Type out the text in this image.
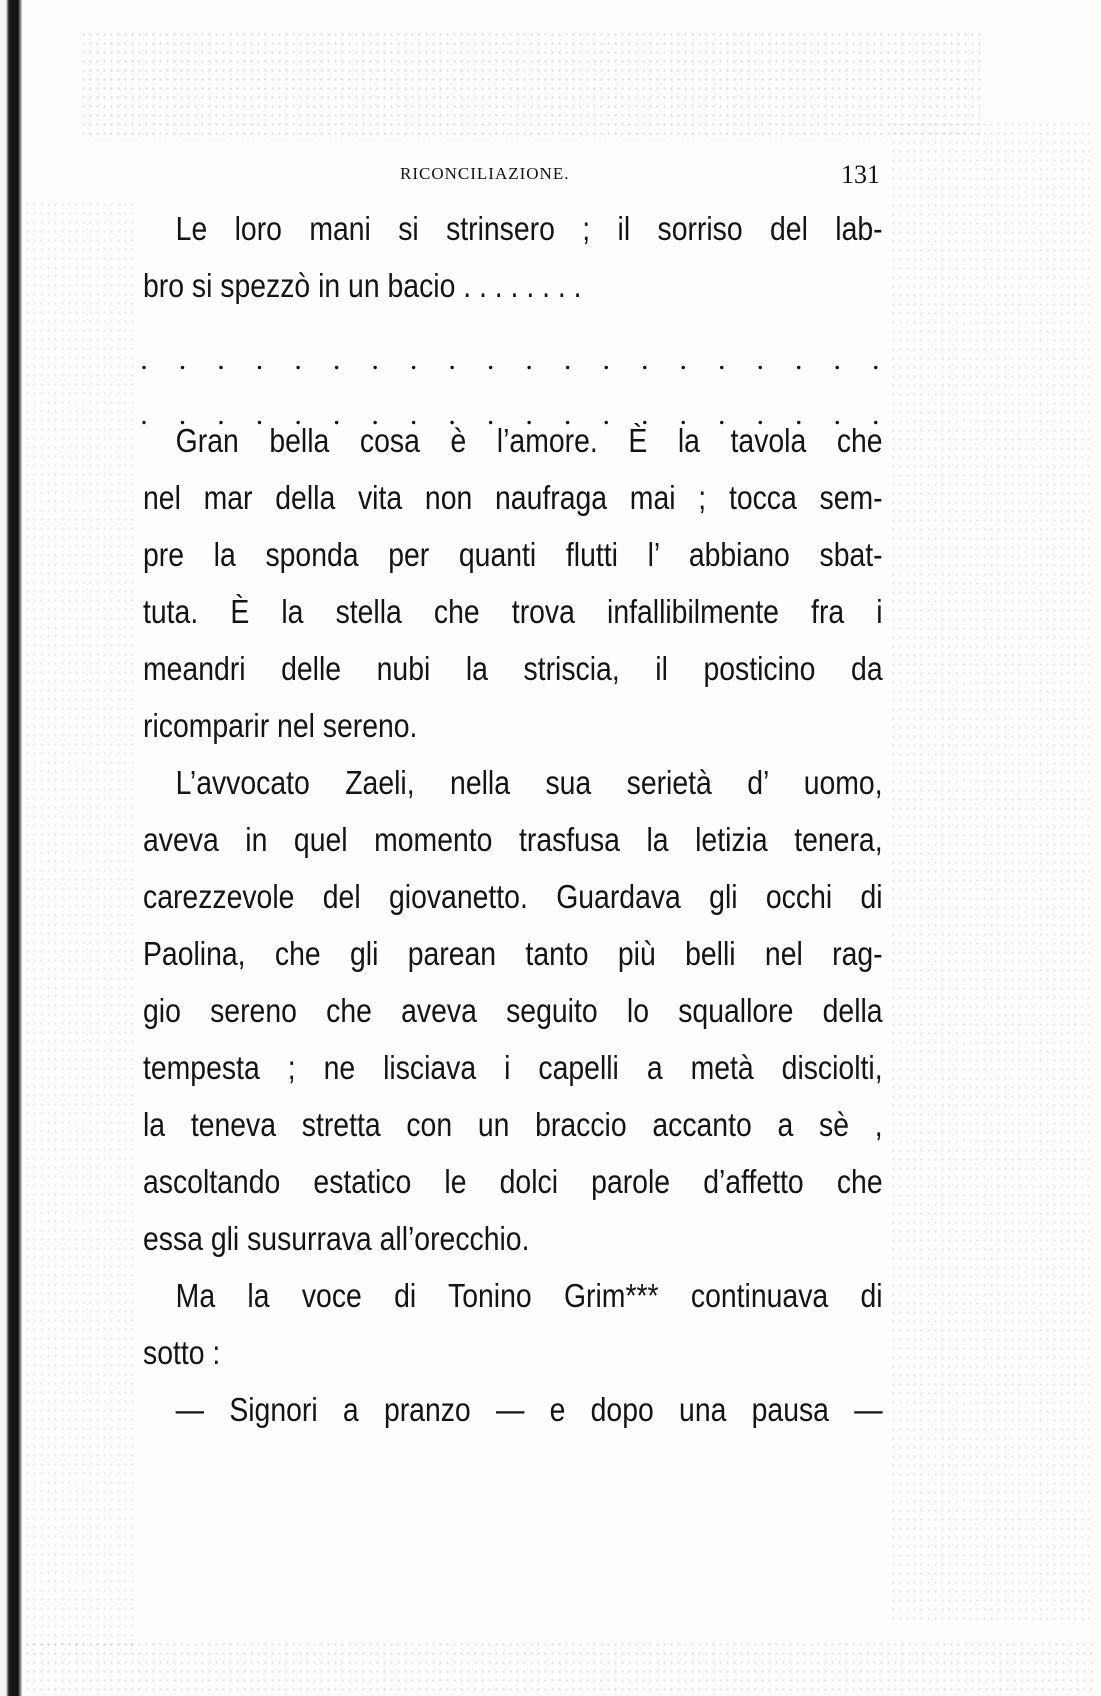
RICONCILIAZIONE.	131
Le loro mani si strinsero ; il sorriso del lab-
bro si spezzò in un bacio . . . . . . . .
. . . . . . . . . . . . . . . . . . . .
. . . . . . . . . . . . . . . . . . . .
Gran bella cosa è l’amore. È la tavola che
nel mar della vita non naufraga mai ; tocca sem-
pre la sponda per quanti flutti l’ abbiano sbat-
tuta. È la stella che trova infallibilmente fra i
meandri delle nubi la striscia, il posticino da
ricomparir nel sereno.
L’avvocato Zaeli, nella sua serietà d’ uomo,
aveva in quel momento trasfusa la letizia tenera,
carezzevole del giovanetto. Guardava gli occhi di
Paolina, che gli parean tanto più belli nel rag-
gio sereno che aveva seguito lo squallore della
tempesta ; ne lisciava i capelli a metà disciolti,
la teneva stretta con un braccio accanto a sè ,
ascoltando estatico le dolci parole d’affetto che
essa gli susurrava all’orecchio.
Ma la voce di Tonino Grim*** continuava di
sotto :
— Signori a pranzo — e dopo una pausa —
